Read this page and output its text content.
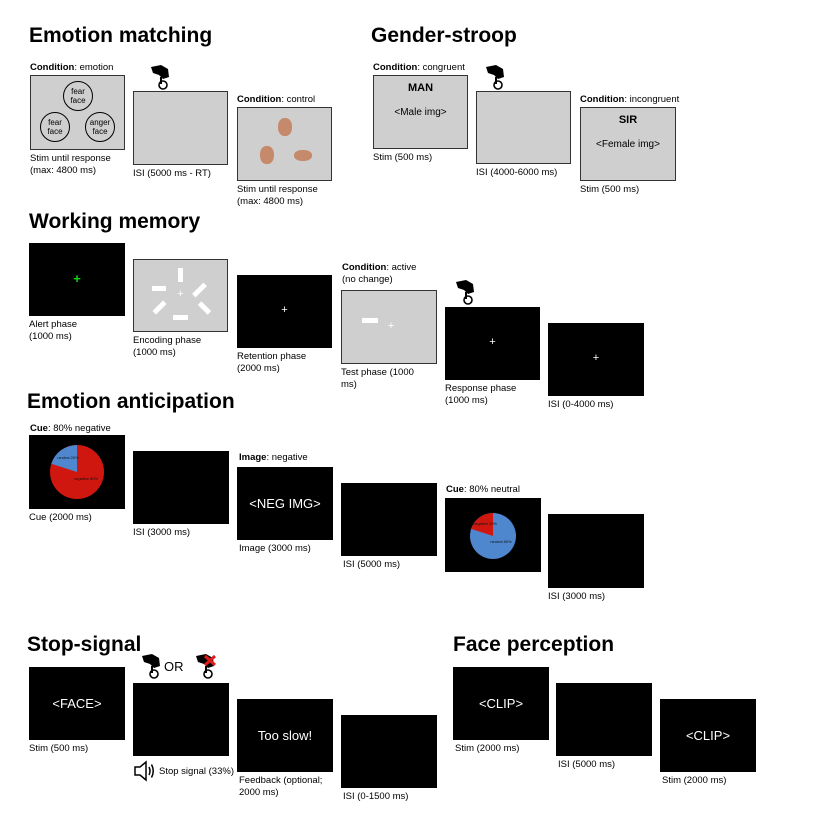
Emotion matching
Condition: emotion
fear face
fear face
anger face
Stim until response
(max: 4800 ms)	ISI (5000 ms - RT)
Condition: control
Stim until response
(max: 4800 ms)
Gender-stroop
Condition: congruent
MAN
<Male img>
Stim (500 ms)
ISI (4000-6000 ms)
Condition: incongruent
SIR
<Female img>
Stim (500 ms)
Working memory
+
Alert phase
(1000 ms)
+
Encoding phase
(1000 ms)
+
Retention phase
(2000 ms)
Condition: active
(no change)
+
Test phase (1000
ms)
+
Response phase
(1000 ms)
+
ISI (0-4000 ms)
Emotion anticipation
Cue: 80% negative
neutral 20%
negative 80%
Cue (2000 ms)
ISI (3000 ms)
Image: negative
<NEG IMG>
Image (3000 ms)
ISI (5000 ms)
Cue: 80% neutral
negative 20%
neutral 80%
ISI (3000 ms)
Stop-signal
<FACE>
Stim (500 ms)
OR
Stop signal (33%)
Too slow!
Feedback (optional;
2000 ms)	ISI (0-1500 ms)
Face perception
<CLIP>
Stim (2000 ms)
ISI (5000 ms)
<CLIP>
Stim (2000 ms)
